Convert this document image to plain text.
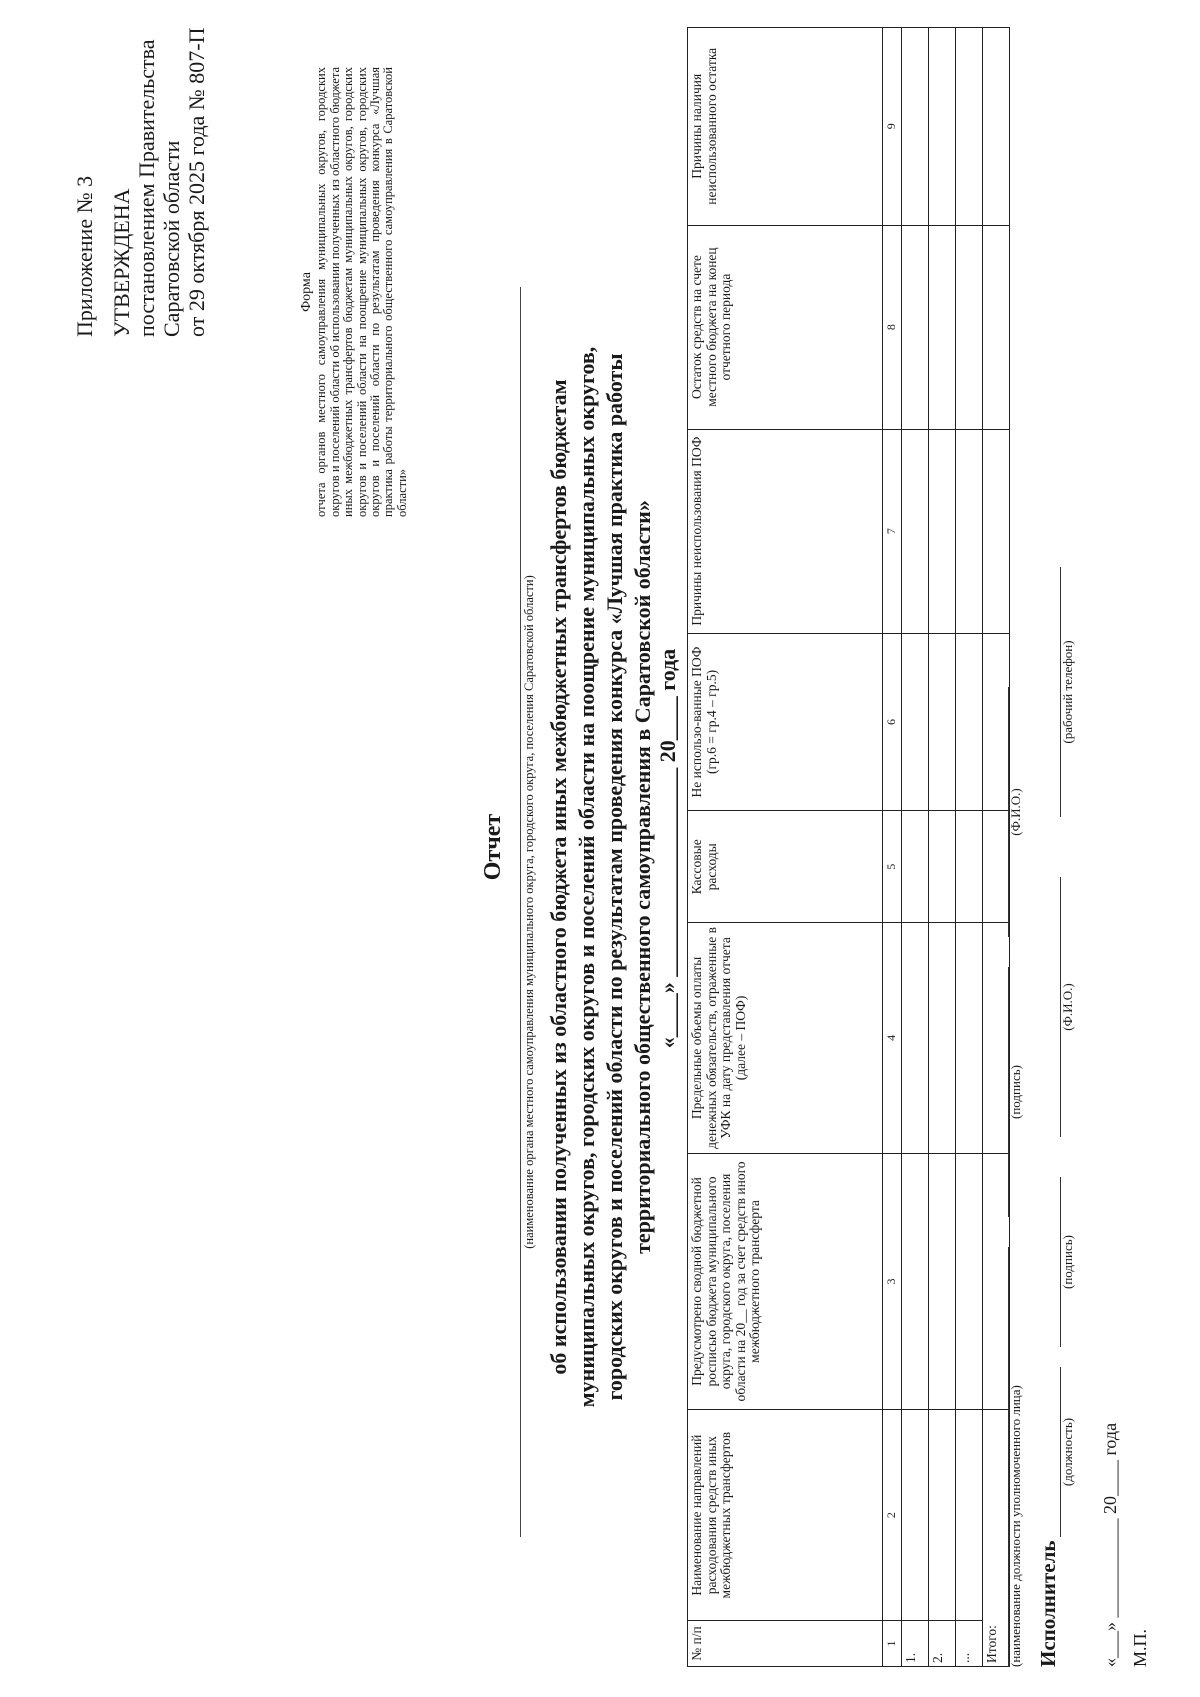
Приложение № 3 УТВЕРЖДЕНА постановлением Правительства Саратовской области от 29 октября 2025 года № 807-П	Форма отчета органов местного самоуправления муниципальных округов, городских округов и поселений области об использовании полученных из областного бюджета иных межбюджетных трансфертов бюджетам муниципальных округов, городских округов и поселений области на поощрение муниципальных округов, городских округов и поселений области по результатам проведения конкурса «Лучшая практика работы территориального общественного самоуправления в Саратовской области»
Отчет (наименование органа местного самоуправления муниципального округа, городского округа, поселения Саратовской области) об использовании полученных из областного бюджета иных межбюджетных трансфертов бюджетам муниципальных округов, городских округов и поселений области на поощрение муниципальных округов, городских округов и поселений области по результатам проведения конкурса «Лучшая практика работы территориального общественного самоуправления в Саратовской области» «____» ___________________ 20____ года
№ п/п	Наименование направлений расходования средств иных межбюджетных трансфертов	Предусмотрено сводной бюджетной росписью бюджета муниципального округа, городского округа, поселения области на 20__ год за счет средств иного межбюджетного трансферта	Предельные объемы оплаты денежных обязательств, отраженные в УФК на дату представления отчета (далее – ПОФ)	Кассовые расходы	Не использо-ванные ПОФ (гр.6 = гр.4 – гр.5)	Причины неиспользования ПОФ	Остаток средств на счете местного бюджета на конец отчетного периода	Причины наличия неиспользованного остатка
1	2	3	4	5	6	7	8	9
1.								
2.								
...								
Итого:								(наименование должности уполномоченного лица)
(подпись)
(Ф.И.О.)
Исполнитель
(должность)
(подпись)
(Ф.И.О.)
(рабочий телефон)
«___» ___________ 20____ года М.П.
